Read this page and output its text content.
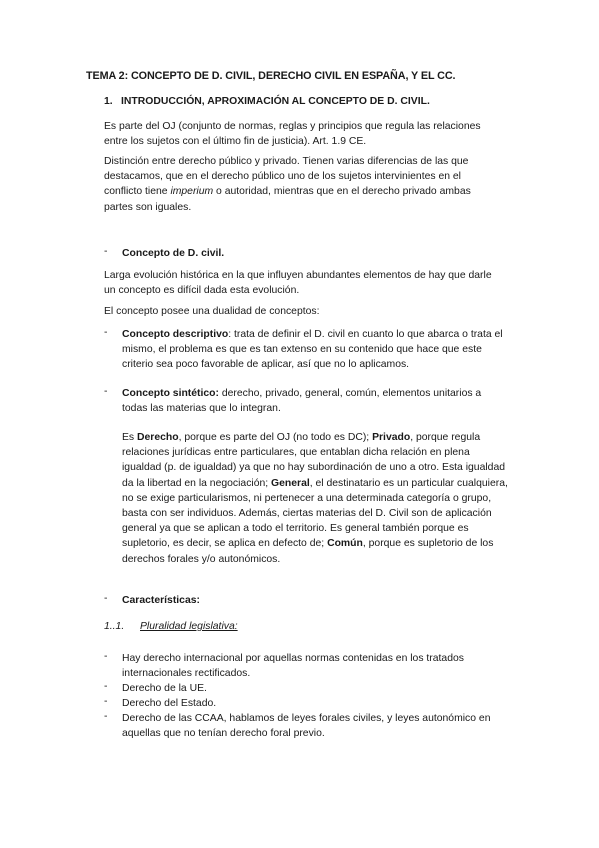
TEMA 2: CONCEPTO DE D. CIVIL, DERECHO CIVIL EN ESPAÑA, Y EL CC.
1. INTRODUCCIÓN, APROXIMACIÓN AL CONCEPTO DE D. CIVIL.
Es parte del OJ (conjunto de normas, reglas y principios que regula las relaciones
entre los sujetos con el último fin de justicia). Art. 1.9 CE.
Distinción entre derecho público y privado. Tienen varias diferencias de las que
destacamos, que en el derecho público uno de los sujetos intervinientes en el
conflicto tiene imperium o autoridad, mientras que en el derecho privado ambas
partes son iguales.
- Concepto de D. civil.
Larga evolución histórica en la que influyen abundantes elementos de hay que darle
un concepto es difícil dada esta evolución.
El concepto posee una dualidad de conceptos:
- Concepto descriptivo: trata de definir el D. civil en cuanto lo que abarca o trata el
mismo, el problema es que es tan extenso en su contenido que hace que este
criterio sea poco favorable de aplicar, así que no lo aplicamos.
- Concepto sintético: derecho, privado, general, común, elementos unitarios a
todas las materias que lo integran.
Es Derecho, porque es parte del OJ (no todo es DC); Privado, porque regula
relaciones jurídicas entre particulares, que entablan dicha relación en plena
igualdad (p. de igualdad) ya que no hay subordinación de uno a otro. Esta igualdad
da la libertad en la negociación; General, el destinatario es un particular cualquiera,
no se exige particularismos, ni pertenecer a una determinada categoría o grupo,
basta con ser individuos. Además, ciertas materias del D. Civil son de aplicación
general ya que se aplican a todo el territorio. Es general también porque es
supletorio, es decir, se aplica en defecto de; Común, porque es supletorio de los
derechos forales y/o autonómicos.
- Características:
1..1. Pluralidad legislativa:
- Hay derecho internacional por aquellas normas contenidas en los tratados
internacionales rectificados.
- Derecho de la UE.
- Derecho del Estado.
- Derecho de las CCAA, hablamos de leyes forales civiles, y leyes autonómico en
aquellas que no tenían derecho foral previo.
